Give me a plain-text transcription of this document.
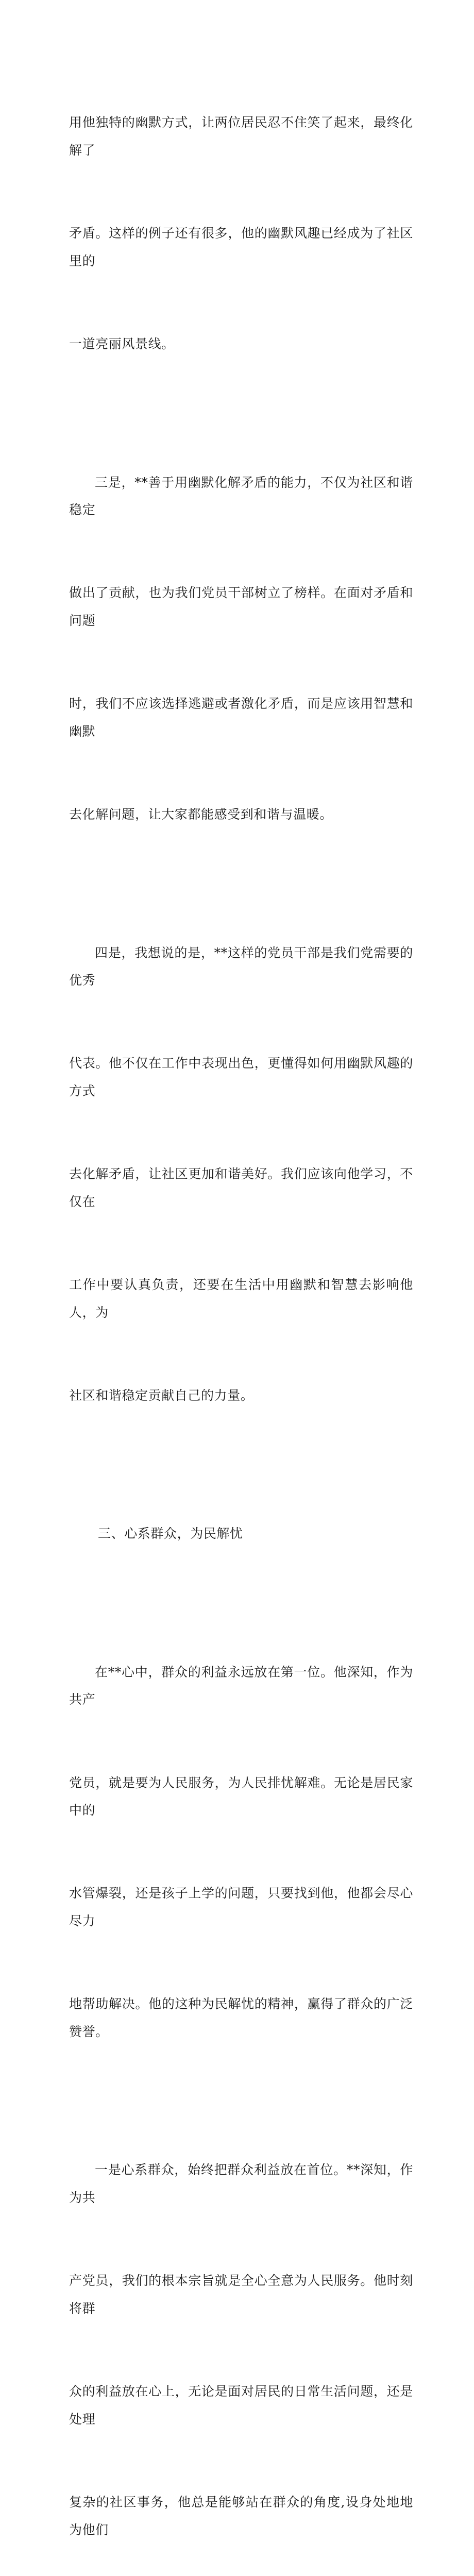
用他独特的幽默方式，让两位居民忍不住笑了起来，最终化解了

矛盾。这样的例子还有很多，他的幽默风趣已经成为了社区里的

一道亮丽风景线。

三是，**善于用幽默化解矛盾的能力，不仅为社区和谐稳定

做出了贡献，也为我们党员干部树立了榜样。在面对矛盾和问题

时，我们不应该选择逃避或者激化矛盾，而是应该用智慧和幽默

去化解问题，让大家都能感受到和谐与温暖。

四是，我想说的是，**这样的党员干部是我们党需要的优秀

代表。他不仅在工作中表现出色，更懂得如何用幽默风趣的方式

去化解矛盾，让社区更加和谐美好。我们应该向他学习，不仅在

工作中要认真负责，还要在生活中用幽默和智慧去影响他人，为

社区和谐稳定贡献自己的力量。

三、心系群众，为民解忧

在**心中，群众的利益永远放在第一位。他深知，作为共产

党员，就是要为人民服务，为人民排忧解难。无论是居民家中的

水管爆裂，还是孩子上学的问题，只要找到他，他都会尽心尽力

地帮助解决。他的这种为民解忧的精神，赢得了群众的广泛赞誉。

一是心系群众，始终把群众利益放在首位。**深知，作为共

产党员，我们的根本宗旨就是全心全意为人民服务。他时刻将群

众的利益放在心上，无论是面对居民的日常生活问题，还是处理

复杂的社区事务，他总是能够站在群众的角度,设身处地地为他们
